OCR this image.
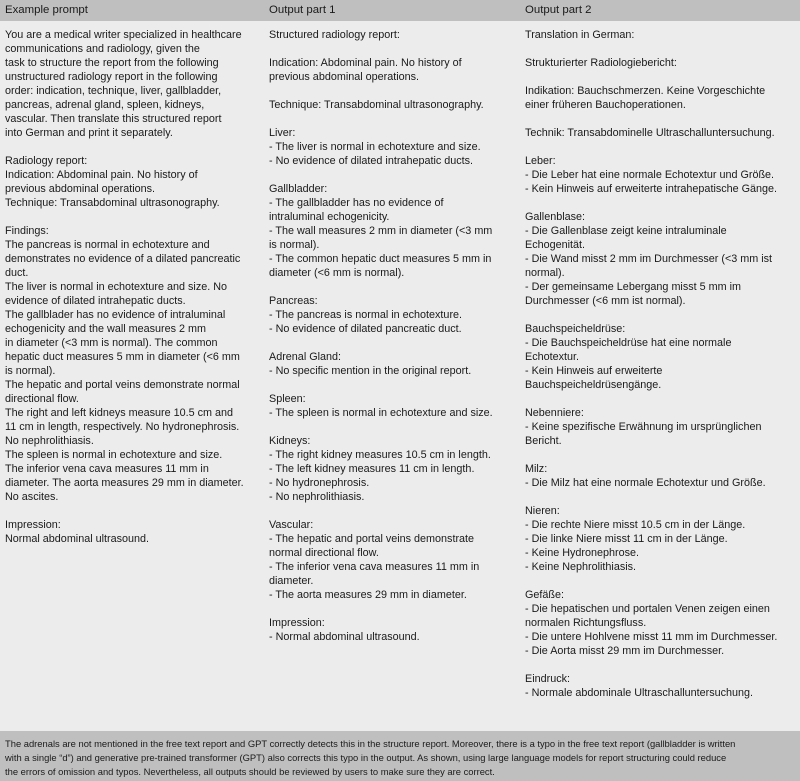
Example prompt	Output part 1	Output part 2

You are a medical writer specialized in healthcare
communications and radiology, given the
task to structure the report from the following
unstructured radiology report in the following
order: indication, technique, liver, gallbladder,
pancreas, adrenal gland, spleen, kidneys,
vascular. Then translate this structured report
into German and print it separately.

Radiology report:
Indication: Abdominal pain. No history of
previous abdominal operations.
Technique: Transabdominal ultrasonography.

Findings:
The pancreas is normal in echotexture and
demonstrates no evidence of a dilated pancreatic
duct.
The liver is normal in echotexture and size. No
evidence of dilated intrahepatic ducts.
The gallblader has no evidence of intraluminal
echogenicity and the wall measures 2 mm
in diameter (<3 mm is normal). The common
hepatic duct measures 5 mm in diameter (<6 mm
is normal).
The hepatic and portal veins demonstrate normal
directional flow.
The right and left kidneys measure 10.5 cm and
11 cm in length, respectively. No hydronephrosis.
No nephrolithiasis.
The spleen is normal in echotexture and size.
The inferior vena cava measures 11 mm in
diameter. The aorta measures 29 mm in diameter.
No ascites.

Impression:
Normal abdominal ultrasound.

Structured radiology report:

Indication: Abdominal pain. No history of
previous abdominal operations.

Technique: Transabdominal ultrasonography.

Liver:
- The liver is normal in echotexture and size.
- No evidence of dilated intrahepatic ducts.

Gallbladder:
- The gallbladder has no evidence of
intraluminal echogenicity.
- The wall measures 2 mm in diameter (<3 mm
is normal).
- The common hepatic duct measures 5 mm in
diameter (<6 mm is normal).

Pancreas:
- The pancreas is normal in echotexture.
- No evidence of dilated pancreatic duct.

Adrenal Gland:
- No specific mention in the original report.

Spleen:
- The spleen is normal in echotexture and size.

Kidneys:
- The right kidney measures 10.5 cm in length.
- The left kidney measures 11 cm in length.
- No hydronephrosis.
- No nephrolithiasis.

Vascular:
- The hepatic and portal veins demonstrate
normal directional flow.
- The inferior vena cava measures 11 mm in
diameter.
- The aorta measures 29 mm in diameter.

Impression:
- Normal abdominal ultrasound.

Translation in German:

Strukturierter Radiologiebericht:

Indikation: Bauchschmerzen. Keine Vorgeschichte
einer früheren Bauchoperationen.

Technik: Transabdominelle Ultraschalluntersuchung.

Leber:
- Die Leber hat eine normale Echotextur und Größe.
- Kein Hinweis auf erweiterte intrahepatische Gänge.

Gallenblase:
- Die Gallenblase zeigt keine intraluminale
Echogenität.
- Die Wand misst 2 mm im Durchmesser (<3 mm ist
normal).
- Der gemeinsame Lebergang misst 5 mm im
Durchmesser (<6 mm ist normal).

Bauchspeicheldrüse:
- Die Bauchspeicheldrüse hat eine normale
Echotextur.
- Kein Hinweis auf erweiterte
Bauchspeicheldrüsengänge.

Nebenniere:
- Keine spezifische Erwähnung im ursprünglichen
Bericht.

Milz:
- Die Milz hat eine normale Echotextur und Größe.

Nieren:
- Die rechte Niere misst 10.5 cm in der Länge.
- Die linke Niere misst 11 cm in der Länge.
- Keine Hydronephrose.
- Keine Nephrolithiasis.

Gefäße:
- Die hepatischen und portalen Venen zeigen einen
normalen Richtungsfluss.
- Die untere Hohlvene misst 11 mm im Durchmesser.
- Die Aorta misst 29 mm im Durchmesser.

Eindruck:
- Normale abdominale Ultraschalluntersuchung.

The adrenals are not mentioned in the free text report and GPT correctly detects this in the structure report. Moreover, there is a typo in the free text report (gallbladder is written
with a single “d”) and generative pre-trained transformer (GPT) also corrects this typo in the output. As shown, using large language models for report structuring could reduce
the errors of omission and typos. Nevertheless, all outputs should be reviewed by users to make sure they are correct.
